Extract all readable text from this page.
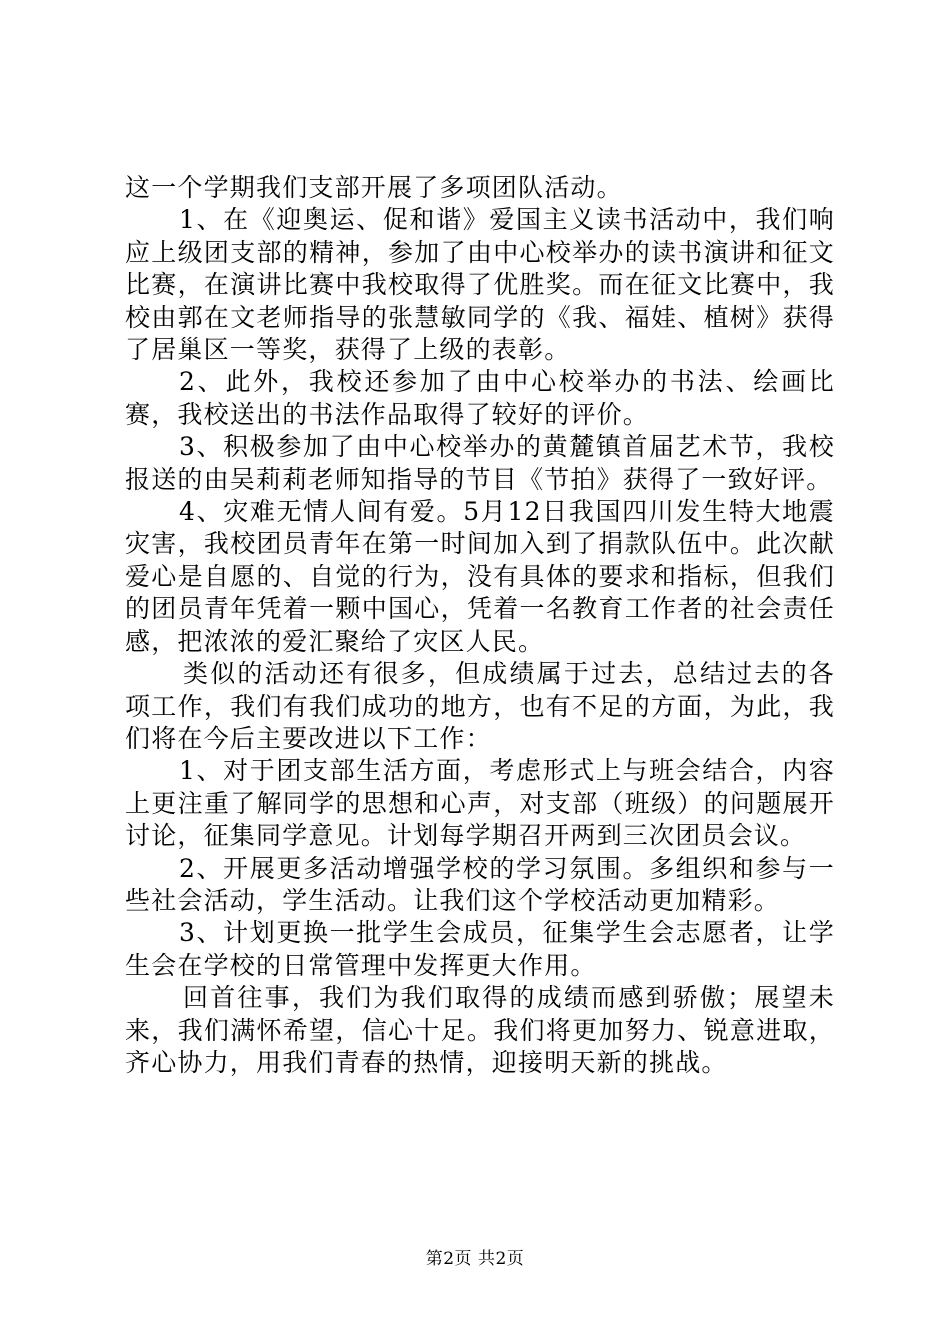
这一个学期我们支部开展了多项团队活动。

1、在《迎奥运、促和谐》爱国主义读书活动中，我们响应上级团支部的精神，参加了由中心校举办的读书演讲和征文比赛，在演讲比赛中我校取得了优胜奖。而在征文比赛中，我校由郭在文老师指导的张慧敏同学的《我、福娃、植树》获得了居巢区一等奖，获得了上级的表彰。

2、此外，我校还参加了由中心校举办的书法、绘画比赛，我校送出的书法作品取得了较好的评价。

3、积极参加了由中心校举办的黄麓镇首届艺术节，我校报送的由吴莉莉老师知指导的节目《节拍》获得了一致好评。

4、灾难无情人间有爱。5月12日我国四川发生特大地震灾害，我校团员青年在第一时间加入到了捐款队伍中。此次献爱心是自愿的、自觉的行为，没有具体的要求和指标，但我们的团员青年凭着一颗中国心，凭着一名教育工作者的社会责任感，把浓浓的爱汇聚给了灾区人民。

类似的活动还有很多，但成绩属于过去，总结过去的各项工作，我们有我们成功的地方，也有不足的方面，为此，我们将在今后主要改进以下工作：

1、对于团支部生活方面，考虑形式上与班会结合，内容上更注重了解同学的思想和心声，对支部（班级）的问题展开讨论，征集同学意见。计划每学期召开两到三次团员会议。

2、开展更多活动增强学校的学习氛围。多组织和参与一些社会活动，学生活动。让我们这个学校活动更加精彩。

3、计划更换一批学生会成员，征集学生会志愿者，让学生会在学校的日常管理中发挥更大作用。

回首往事，我们为我们取得的成绩而感到骄傲；展望未来，我们满怀希望，信心十足。我们将更加努力、锐意进取，齐心协力，用我们青春的热情，迎接明天新的挑战。

第2页 共2页
